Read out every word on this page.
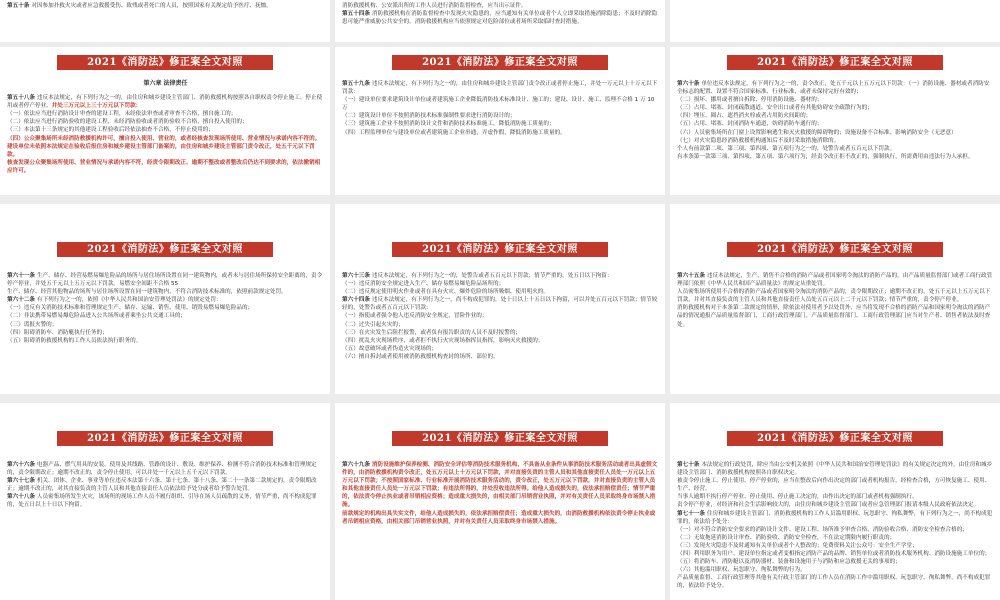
第五十条 对因参加扑救火灾或者应急救援受伤、致残或者死亡的人员，按照国家有关规定给予医疗、抚恤。	消防救援机构、公安派出所的工作人员进行消防监督检查，应当出示证件。

第五十四条 消防救援机构在消防监督检查中发现火灾隐患的，应当通知有关单位或者个人立即采取措施消除隐患；不及时消除隐患可能严重威胁公共安全的，消防救援机构应当依照规定对危险部位或者场所采取临时查封措施。

2021《消防法》修正案全文对照

第六章 法律责任

第五十八条 违反本法规定，有下列行为之一的，由住房和城乡建设主管部门、消防救援机构按照各自职权责令停止施工、停止使用或者停产停业，并处三万元以上三十万元以下罚款：

（一）依法应当进行消防设计审查的建设工程，未经依法审查或者审查不合格，擅自施工的；

（二）依法应当进行消防验收的建设工程，未经消防验收或者消防验收不合格，擅自投入使用的；

（三）本法第十三条规定的其他建设工程验收后经依法抽查不合格，不停止使用的；

（四）公众聚集场所未经消防救援机构许可，擅自投入使用、营业的，或者经核查发现场所使用、营业情况与承诺内容不符的。

建设单位未依照本法规定在验收后报住房和城乡建设主管部门备案的，由住房和城乡建设主管部门责令改正，处五千元以下罚款。

核查发现公众聚集场所使用、营业情况与承诺内容不符，经责令限期改正、逾期不整改或者整改后仍达不到要求的，依法撤销相应许可。

2021《消防法》修正案全文对照

第五十九条 违反本法规定，有下列行为之一的，由住房和城乡建设主管部门责令改正或者停止施工，并处一万元以上十万元以下罚款：

（一）建设单位要求建筑设计单位或者建筑施工企业降低消防技术标准设计、施工的；建设、设计、施工、监理不合格 1 万 10 万

（二）建筑设计单位不按照消防技术标准强制性要求进行消防设计的；

（三）建筑施工企业不按照消防设计文件和消防技术标准施工，降低消防施工质量的；

（四）工程监理单位与建设单位或者建筑施工企业串通，弄虚作假，降低消防施工质量的。

2021《消防法》修正案全文对照

第六十条 单位违反本法规定，有下列行为之一的，责令改正，处五千元以上五万元以下罚款：（一）消防设施、器材或者消防安全标志的配置、设置不符合国家标准、行业标准，或者未保持完好有效的；

（二）损坏、挪用或者擅自拆除、停用消防设施、器材的；

（三）占用、堵塞、封闭疏散通道、安全出口或者有其他妨碍安全疏散行为的；

（四）埋压、圈占、遮挡消火栓或者占用防火间距的；

（五）占用、堵塞、封闭消防车通道，妨碍消防车通行的；

（六）人员密集场所在门窗上设置影响逃生和灭火救援的障碍物的；设施设备不合标准、影响消防安全（无恶意）

（七）对火灾隐患经消防救援机构通知后不及时采取措施消除的。

个人有前款第二项、第三项、第四项、第五项行为之一的，处警告或者五百元以下罚款。

有本条第一款第三项、第四项、第五项、第六项行为，经责令改正拒不改正的，强制执行，所需费用由违法行为人承担。

2021《消防法》修正案全文对照

第六十一条 生产、储存、经营易燃易爆危险品的场所与居住场所设置在同一建筑物内，或者未与居住场所保持安全距离的，责令停产停业，并处五千元以上五万元以下罚款。易燃安全间距不合格 55

生产、储存、经营其他物品的场所与居住场所设置在同一建筑物内，不符合消防技术标准的，依照前款规定处罚。

第六十二条 有下列行为之一的，依照《中华人民共和国治安管理处罚法》的规定处罚：

（一）违反有关消防技术标准和管理规定生产、储存、运输、销售、使用、销毁易燃易爆危险品的；

（二）非法携带易燃易爆危险品进入公共场所或者乘坐公共交通工具的；

（三）谎报火警的；

（四）阻碍消防车、消防艇执行任务的；

（五）阻碍消防救援机构的工作人员依法执行职务的。

2021《消防法》修正案全文对照

第六十三条 违反本法规定，有下列行为之一的，处警告或者五百元以下罚款；情节严重的，处五日以下拘留：

（一）违反消防安全规定进入生产、储存易燃易爆危险品场所的；

（二）违反规定使用明火作业或者在具有火灾、爆炸危险的场所吸烟、使用明火的。

第六十四条 违反本法规定，有下列行为之一，尚不构成犯罪的，处十日以上十五日以下拘留，可以并处五百元以下罚款；情节较轻的，处警告或者五百元以下罚款：

（一）指使或者强令他人违反消防安全规定，冒险作业的；

（二）过失引起火灾的；

（三）在火灾发生后阻拦报警，或者负有报告职责的人员不及时报警的；

（四）扰乱火灾现场秩序，或者拒不执行火灾现场指挥员指挥，影响灭火救援的；

（五）故意破坏或者伪造火灾现场的；

（六）擅自拆封或者使用被消防救援机构查封的场所、部位的。

2021《消防法》修正案全文对照

第六十五条 违反本法规定，生产、销售不合格的消防产品或者国家明令淘汰的消防产品的，由产品质量监督部门或者工商行政管理部门依照《中华人民共和国产品质量法》的规定从重处罚。

人员密集场所使用不合格的消防产品或者国家明令淘汰的消防产品的，责令限期改正；逾期不改正的，处五千元以上五万元以下罚款，并对其直接负责的主管人员和其他直接责任人员处五百元以上二千元以下罚款；情节严重的，责令停产停业。

消防救援机构对于本条第二款规定的情形，除依法对使用者予以处罚外，应当将发现不合格的消防产品和国家明令淘汰的消防产品的情况通报产品质量监督部门、工商行政管理部门。产品质量监督部门、工商行政管理部门应当对生产者、销售者依法及时查处。

2021《消防法》修正案全文对照

第六十六条 电器产品、燃气用具的安装、使用及其线路、管路的设计、敷设、维护保养、检测不符合消防技术标准和管理规定的，责令限期改正；逾期不改正的，责令停止使用，可以并处一千元以上五千元以下罚款。

第六十七条 机关、团体、企业、事业等单位违反本法第十六条、第十七条、第十八条、第二十一条第二款规定的，责令限期改正；逾期不改正的，对其直接负责的主管人员和其他直接责任人员依法给予处分或者给予警告处罚。

第六十八条 人员密集场所发生火灾，该场所的现场工作人员不履行组织、引导在场人员疏散的义务，情节严重，尚不构成犯罪的，处五日以上十日以下拘留。

2021《消防法》修正案全文对照

第六十九条 消防设施维护保养检测、消防安全评估等消防技术服务机构，不具备从业条件从事消防技术服务活动或者出具虚假文件的，由消防救援机构责令改正，处五万元以上十万元以下罚款，并对直接负责的主管人员和其他直接责任人员处一万元以上五万元以下罚款；不按照国家标准、行业标准开展消防技术服务活动的，责令改正，处五万元以下罚款，并对直接负责的主管人员和其他直接责任人员处一万元以下罚款；有违法所得的，并处没收违法所得。给他人造成损失的，依法承担赔偿责任；情节严重的，依法责令停止执业或者吊销相应资格；造成重大损失的，由相关部门吊销营业执照，并对有关责任人员采取终身市场禁入措施。

前款规定的机构出具失实文件，给他人造成损失的，依法承担赔偿责任；造成重大损失的，由消防救援机构依法责令停止执业或者吊销相应资格，由相关部门吊销营业执照，并对有关责任人员采取终身市场禁入措施。

2021《消防法》修正案全文对照

第七十条 本法规定的行政处罚，除应当由公安机关依照《中华人民共和国治安管理处罚法》的有关规定决定的外，由住房和城乡建设主管部门、消防救援机构按照各自职权决定。

被责令停止施工、停止使用、停产停业的，应当在整改后向作出决定的部门或者机构报告，经检查合格，方可恢复施工、使用、生产、经营。

当事人逾期不执行停产停业、停止使用、停止施工决定的，由作出决定的部门或者机构强制执行。

责令停产停业，对经济和社会生活影响较大的，由住房和城乡建设主管部门或者应急管理部门报请本级人民政府依法决定。

第七十一条 住房和城乡建设主管部门、消防救援机构的工作人员滥用职权、玩忽职守、徇私舞弊，有下列行为之一，尚不构成犯罪的，依法给予处分：

（一）对不符合消防安全要求的消防设计文件、建设工程、场所准予审查合格、消防验收合格、消防安全检查合格的；

（二）无故拖延消防设计审查、消防验收、消防安全检查，不在法定期限内履行职责的；

（三）发现火灾隐患不及时通知有关单位或者个人整改的；免费资料关注公众号：安全生产学堂；

（四）利用职务为用户、建设单位指定或者变相指定消防产品的品牌、销售单位或者消防技术服务机构、消防设施施工单位的；

（五）将消防车、消防艇以及消防器材、装备和设施用于与消防和应急救援无关的事项的；

（六）其他滥用职权、玩忽职守、徇私舞弊的行为。

产品质量监督、工商行政管理等其他有关行政主管部门的工作人员在消防工作中滥用职权、玩忽职守、徇私舞弊，尚不构成犯罪的，依法给予处分。
